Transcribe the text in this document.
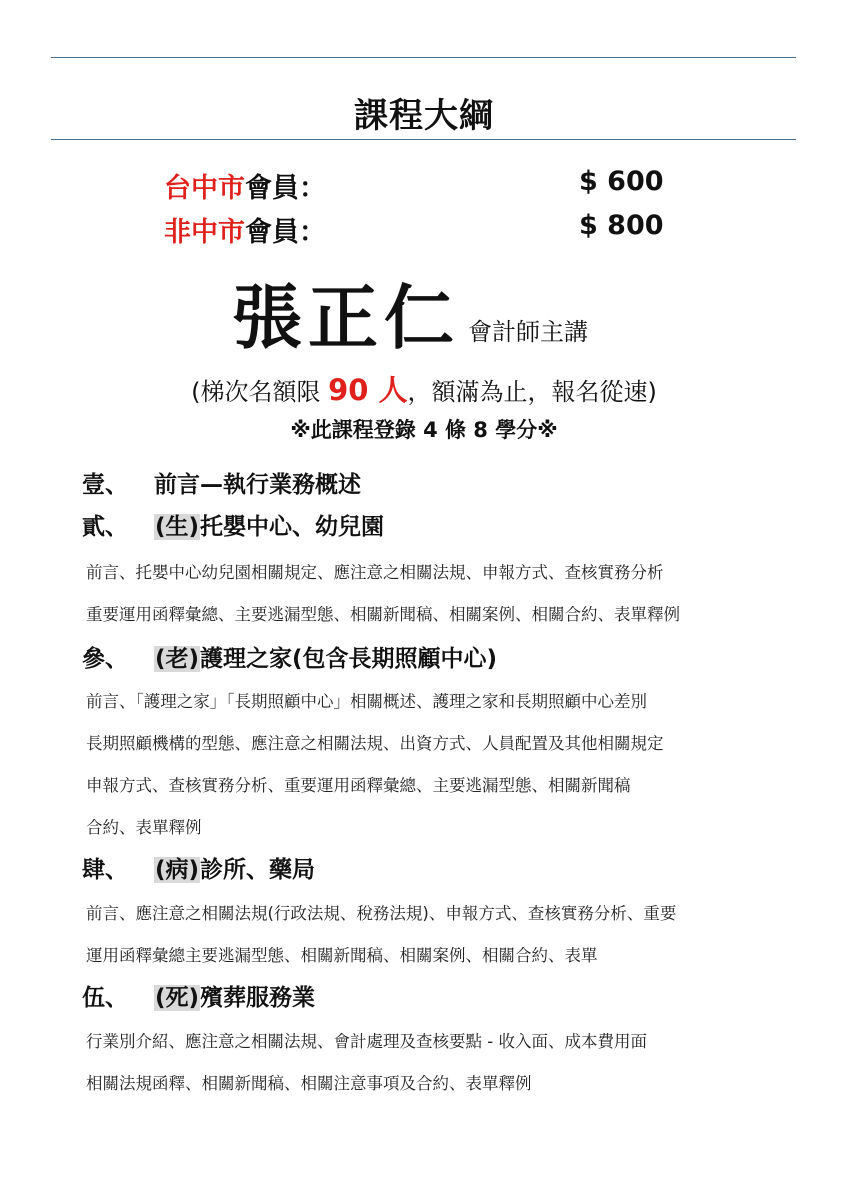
課程大綱
台中市會員：	$ 600
非中市會員：	$ 800
張正仁 會計師主講
(梯次名額限 90 人，額滿為止，報名從速)
※此課程登錄 4 條 8 學分※
壹、 前言—執行業務概述
貳、 (生)托嬰中心、幼兒園
前言、托嬰中心幼兒園相關規定、應注意之相關法規、申報方式、查核實務分析
重要運用函釋彙總、主要逃漏型態、相關新聞稿、相關案例、相關合約、表單釋例
參、 (老)護理之家(包含長期照顧中心)
前言、「護理之家」「長期照顧中心」相關概述、護理之家和長期照顧中心差別
長期照顧機構的型態、應注意之相關法規、出資方式、人員配置及其他相關規定
申報方式、查核實務分析、重要運用函釋彙總、主要逃漏型態、相關新聞稿
合約、表單釋例
肆、 (病)診所、藥局
前言、應注意之相關法規(行政法規、稅務法規)、申報方式、查核實務分析、重要
運用函釋彙總主要逃漏型態、相關新聞稿、相關案例、相關合約、表單
伍、 (死)殯葬服務業
行業別介紹、應注意之相關法規、會計處理及查核要點 - 收入面、成本費用面
相關法規函釋、相關新聞稿、相關注意事項及合約、表單釋例
